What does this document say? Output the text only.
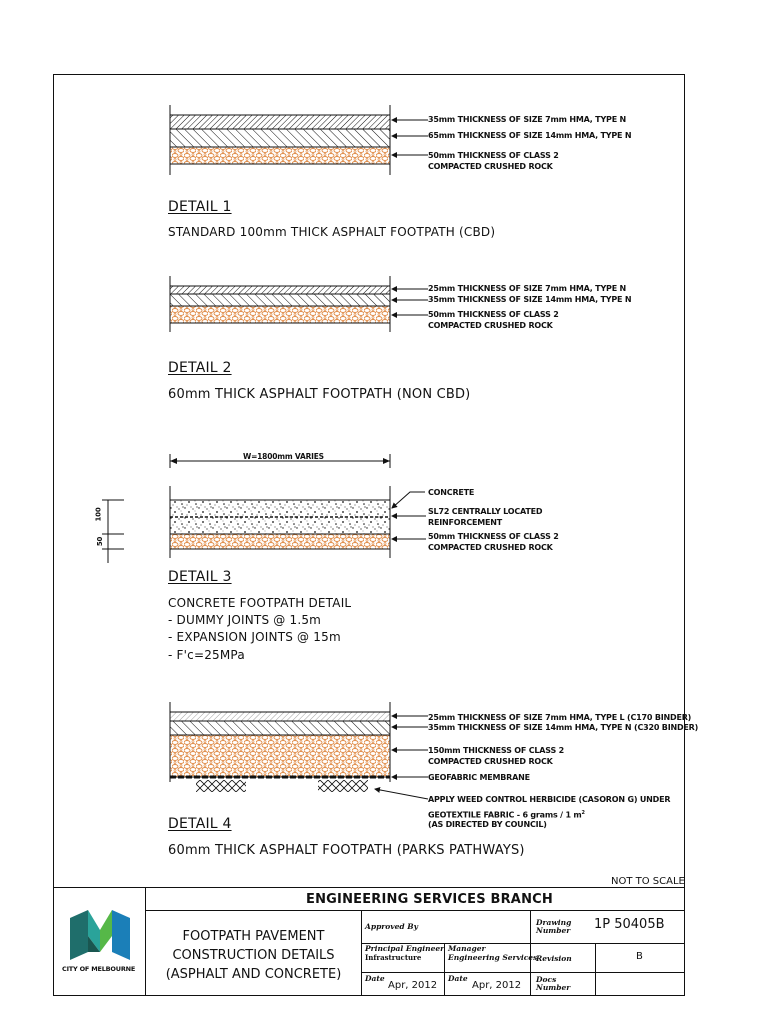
35mm THICKNESS OF SIZE 7mm HMA, TYPE N
65mm THICKNESS OF SIZE 14mm HMA, TYPE N
50mm THICKNESS OF CLASS 2
COMPACTED CRUSHED ROCK
DETAIL 1
STANDARD 100mm THICK ASPHALT FOOTPATH (CBD)
25mm THICKNESS OF SIZE 7mm HMA, TYPE N
35mm THICKNESS OF SIZE 14mm HMA, TYPE N
50mm THICKNESS OF CLASS 2
COMPACTED CRUSHED ROCK
DETAIL 2
60mm THICK ASPHALT FOOTPATH (NON CBD)
W=1800mm VARIES
100
50
CONCRETE
SL72 CENTRALLY LOCATED
REINFORCEMENT
50mm THICKNESS OF CLASS 2
COMPACTED CRUSHED ROCK
DETAIL 3
CONCRETE FOOTPATH DETAIL
- DUMMY JOINTS @ 1.5m
- EXPANSION JOINTS @ 15m
- F'c=25MPa
25mm THICKNESS OF SIZE 7mm HMA, TYPE L (C170 BINDER)
35mm THICKNESS OF SIZE 14mm HMA, TYPE N (C320 BINDER)
150mm THICKNESS OF CLASS 2
COMPACTED CRUSHED ROCK
GEOFABRIC MEMBRANE
APPLY WEED CONTROL HERBICIDE (CASORON G) UNDER
GEOTEXTILE FABRIC - 6 grams / 1 $m^2$
(AS DIRECTED BY COUNCIL)
DETAIL 4
60mm THICK ASPHALT FOOTPATH (PARKS PATHWAYS)
NOT TO SCALE
ENGINEERING SERVICES BRANCH
CITY OF MELBOURNE
FOOTPATH PAVEMENT
CONSTRUCTION DETAILS
(ASPHALT AND CONCRETE)
Approved By
Principal Engineer
Infrastructure
Manager
Engineering Services
Date
Apr, 2012
Date
Apr, 2012
Drawing Number	1P 50405B
Revision	B
Docs Number
